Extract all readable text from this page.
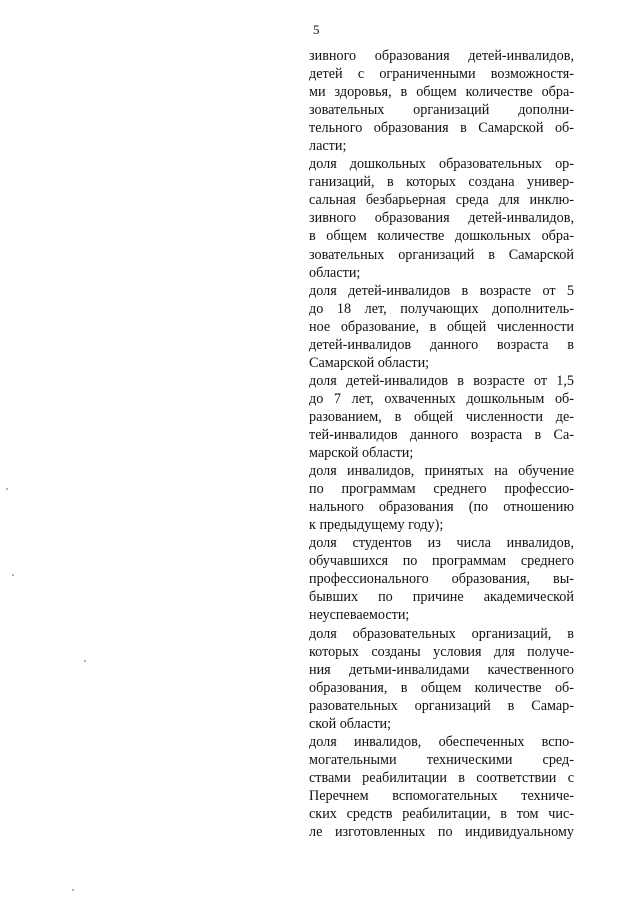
5
зивного образования детей-инвалидов,
детей с ограниченными возможностя-
ми здоровья, в общем количестве обра-
зовательных организаций дополни-
тельного образования в Самарской об-
ласти;
доля дошкольных образовательных ор-
ганизаций, в которых создана универ-
сальная безбарьерная среда для инклю-
зивного образования детей-инвалидов,
в общем количестве дошкольных обра-
зовательных организаций в Самарской
области;
доля детей-инвалидов в возрасте от 5
до 18 лет, получающих дополнитель-
ное образование, в общей численности
детей-инвалидов данного возраста в
Самарской области;
доля детей-инвалидов в возрасте от 1,5
до 7 лет, охваченных дошкольным об-
разованием, в общей численности де-
тей-инвалидов данного возраста в Са-
марской области;
доля инвалидов, принятых на обучение
по программам среднего профессио-
нального образования (по отношению
к предыдущему году);
доля студентов из числа инвалидов,
обучавшихся по программам среднего
профессионального образования, вы-
бывших по причине академической
неуспеваемости;
доля образовательных организаций, в
которых созданы условия для получе-
ния детьми-инвалидами качественного
образования, в общем количестве об-
разовательных организаций в Самар-
ской области;
доля инвалидов, обеспеченных вспо-
могательными техническими сред-
ствами реабилитации в соответствии с
Перечнем вспомогательных техниче-
ских средств реабилитации, в том чис-
ле изготовленных по индивидуальному
